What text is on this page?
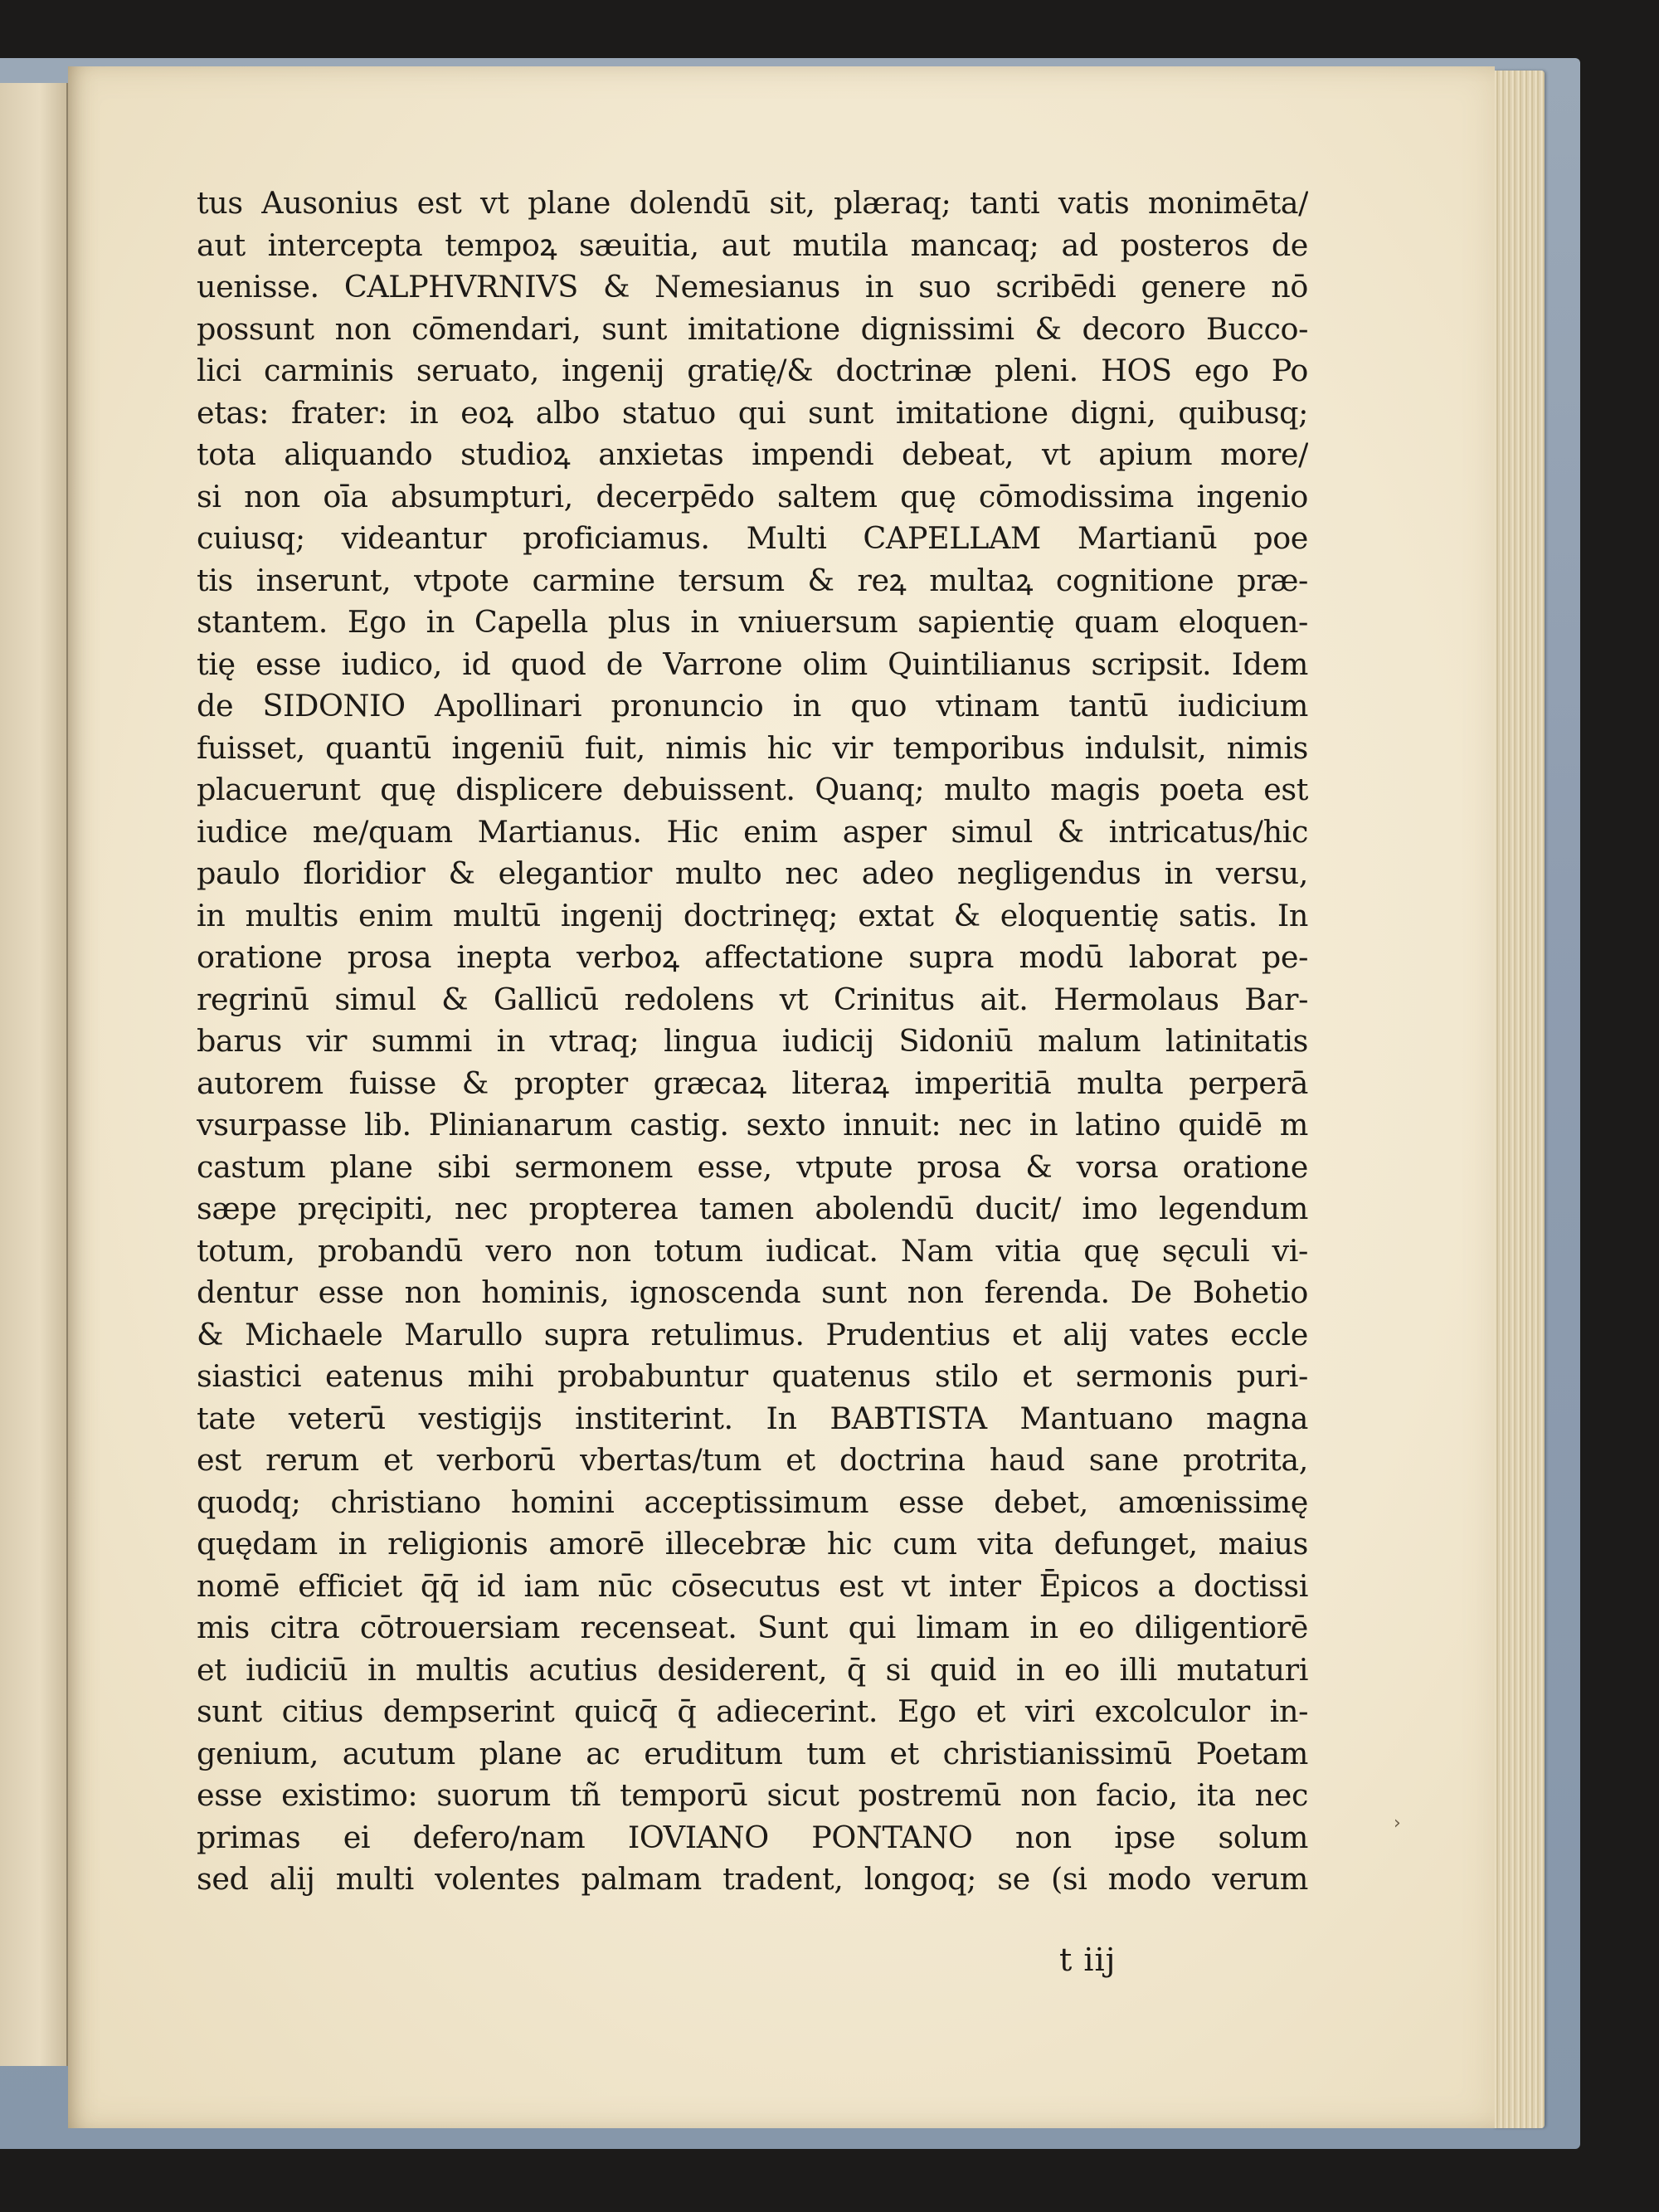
tus Ausonius est vt plane dolendū sit, plæraq; tanti vatis monimēta/
aut intercepta tempoꝝ sæuitia, aut mutila mancaq; ad posteros de
uenisse. CALPHVRNIVS & Nemesianus in suo scribēdi genere nō
possunt non cōmendari, sunt imitatione dignissimi & decoro Bucco-
lici carminis seruato, ingenij gratię/& doctrinæ pleni. HOS ego Po
etas: frater: in eoꝝ albo statuo qui sunt imitatione digni, quibusq;
tota aliquando studioꝝ anxietas impendi debeat, vt apium more/
si non oīa absumpturi, decerpēdo saltem quę cōmodissima ingenio
cuiusq; videantur proficiamus. Multi CAPELLAM Martianū poe
tis inserunt, vtpote carmine tersum & reꝝ multaꝝ cognitione præ-
stantem. Ego in Capella plus in vniuersum sapientię quam eloquen-
tię esse iudico, id quod de Varrone olim Quintilianus scripsit. Idem
de SIDONIO Apollinari pronuncio in quo vtinam tantū iudicium
fuisset, quantū ingeniū fuit, nimis hic vir temporibus indulsit, nimis
placuerunt quę displicere debuissent. Quanq; multo magis poeta est
iudice me/quam Martianus. Hic enim asper simul & intricatus/hic
paulo floridior & elegantior multo nec adeo negligendus in versu,
in multis enim multū ingenij doctrinęq; extat & eloquentię satis. In
oratione prosa inepta verboꝝ affectatione supra modū laborat pe-
regrinū simul & Gallicū redolens vt Crinitus ait. Hermolaus Bar-
barus vir summi in vtraq; lingua iudicij Sidoniū malum latinitatis
autorem fuisse & propter græcaꝝ literaꝝ imperitiā multa perperā
vsurpasse lib. Plinianarum castig. sexto innuit: nec in latino quidē m
castum plane sibi sermonem esse, vtpute prosa & vorsa oratione
sæpe pręcipiti, nec propterea tamen abolendū ducit/ imo legendum
totum, probandū vero non totum iudicat. Nam vitia quę sęculi vi-
dentur esse non hominis, ignoscenda sunt non ferenda. De Bohetio
& Michaele Marullo supra retulimus. Prudentius et alij vates eccle
siastici eatenus mihi probabuntur quatenus stilo et sermonis puri-
tate veterū vestigijs institerint. In BABTISTA Mantuano magna
est rerum et verborū vbertas/tum et doctrina haud sane protrita,
quodq; christiano homini acceptissimum esse debet, amœnissimę
quędam in religionis amorē illecebræ hic cum vita defunget, maius
nomē efficiet q̄q̄ id iam nūc cōsecutus est vt inter Ēpicos a doctissi
mis citra cōtrouersiam recenseat. Sunt qui limam in eo diligentiorē
et iudiciū in multis acutius desiderent, q̄ si quid in eo illi mutaturi
sunt citius dempserint quicq̄ q̄ adiecerint. Ego et viri excolculor in-
genium, acutum plane ac eruditum tum et christianissimū Poetam
esse existimo: suorum tñ temporū sicut postremū non facio, ita nec
primas ei defero/nam IOVIANO PONTANO non ipse solum
sed alij multi volentes palmam tradent, longoq; se (si modo verum
t iij
›
